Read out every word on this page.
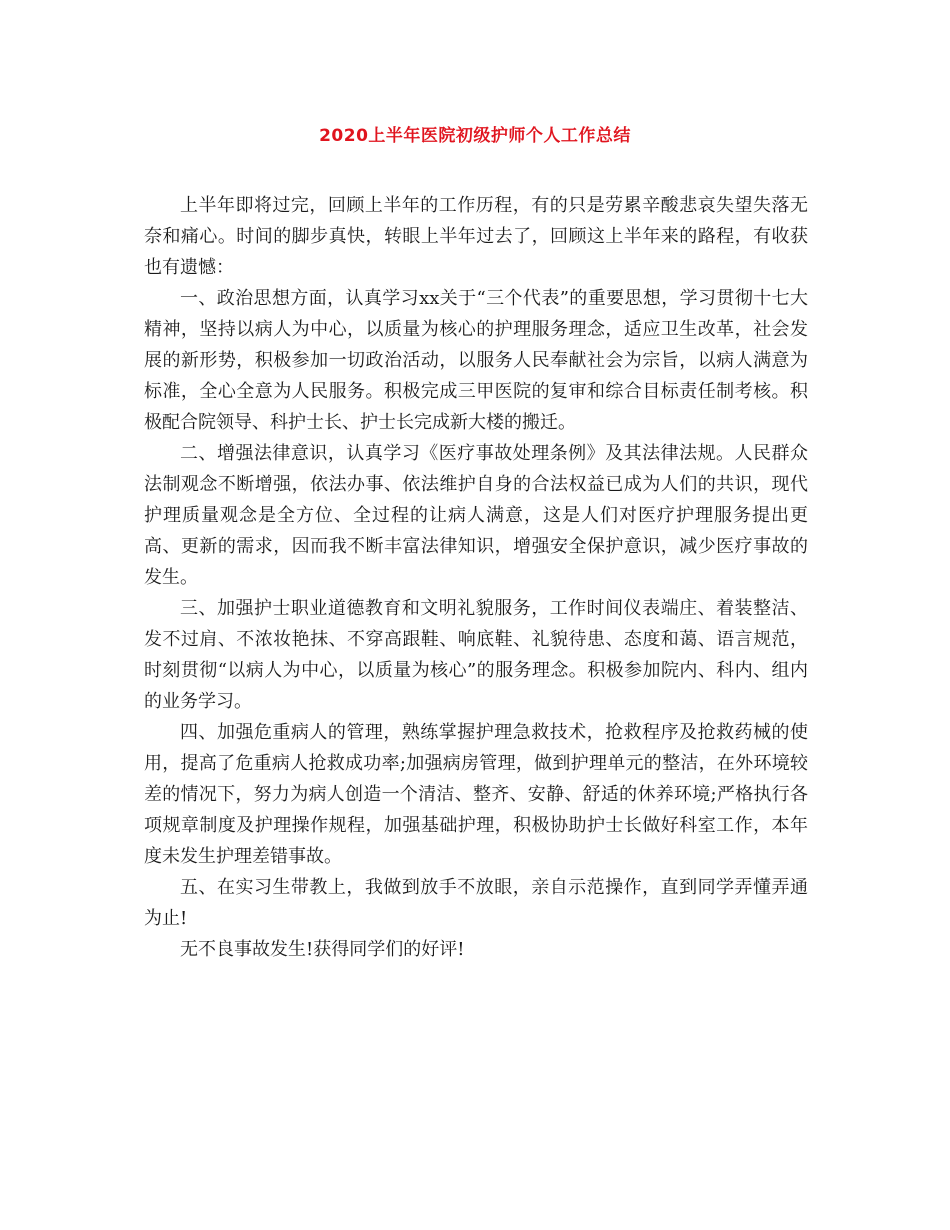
2020上半年医院初级护师个人工作总结

上半年即将过完，回顾上半年的工作历程，有的只是劳累辛酸悲哀失望失落无奈和痛心。时间的脚步真快，转眼上半年过去了，回顾这上半年来的路程，有收获也有遗憾：

一、政治思想方面，认真学习xx关于“三个代表”的重要思想，学习贯彻十七大精神，坚持以病人为中心，以质量为核心的护理服务理念，适应卫生改革，社会发展的新形势，积极参加一切政治活动，以服务人民奉献社会为宗旨，以病人满意为标准，全心全意为人民服务。积极完成三甲医院的复审和综合目标责任制考核。积极配合院领导、科护士长、护士长完成新大楼的搬迁。

二、增强法律意识，认真学习《医疗事故处理条例》及其法律法规。人民群众法制观念不断增强，依法办事、依法维护自身的合法权益已成为人们的共识，现代护理质量观念是全方位、全过程的让病人满意，这是人们对医疗护理服务提出更高、更新的需求，因而我不断丰富法律知识，增强安全保护意识，减少医疗事故的发生。

三、加强护士职业道德教育和文明礼貌服务，工作时间仪表端庄、着装整洁、发不过肩、不浓妆艳抹、不穿高跟鞋、响底鞋、礼貌待患、态度和蔼、语言规范，时刻贯彻“以病人为中心，以质量为核心”的服务理念。积极参加院内、科内、组内的业务学习。

四、加强危重病人的管理，熟练掌握护理急救技术，抢救程序及抢救药械的使用，提高了危重病人抢救成功率;加强病房管理，做到护理单元的整洁，在外环境较差的情况下，努力为病人创造一个清洁、整齐、安静、舒适的休养环境;严格执行各项规章制度及护理操作规程，加强基础护理，积极协助护士长做好科室工作，本年度未发生护理差错事故。

五、在实习生带教上，我做到放手不放眼，亲自示范操作，直到同学弄懂弄通为止!

无不良事故发生!获得同学们的好评!
